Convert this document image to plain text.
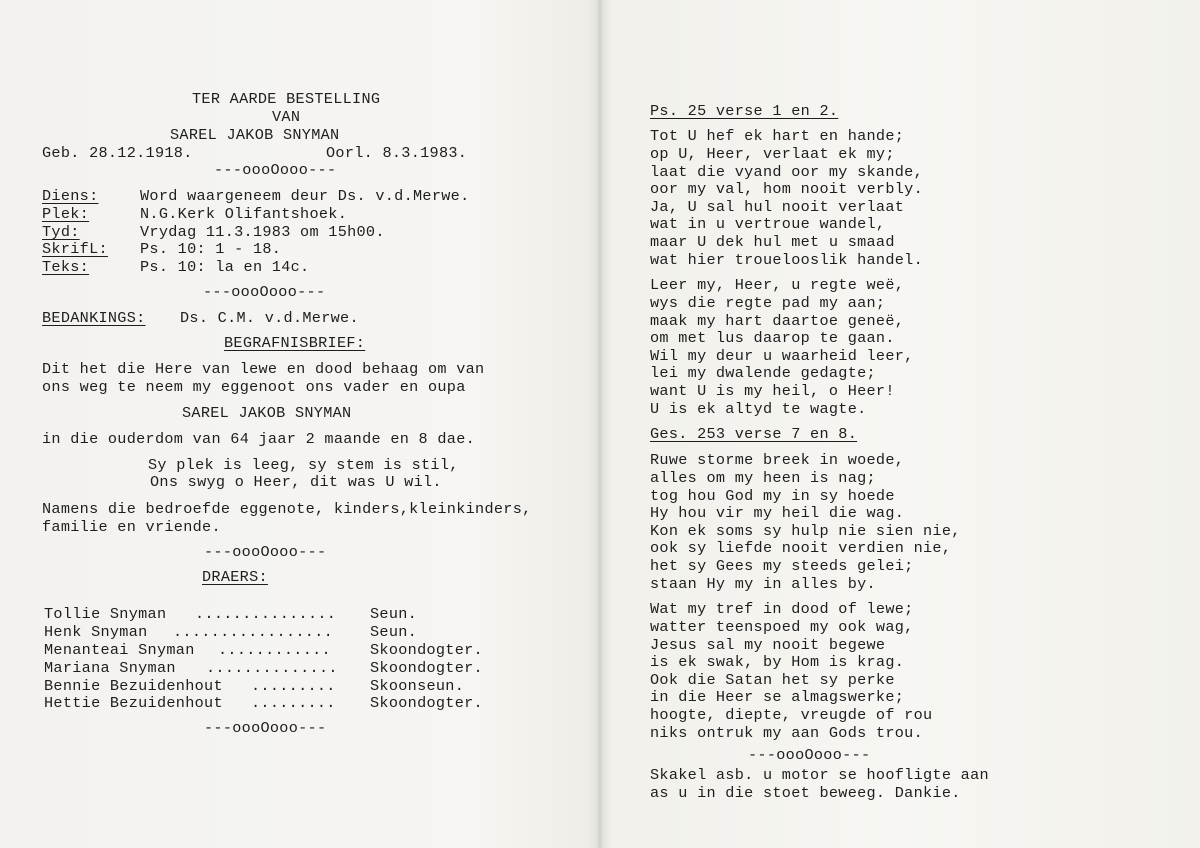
TER AARDE BESTELLING
VAN
SAREL JAKOB SNYMAN
Geb. 28.12.1918.	Oorl. 8.3.1983.
---oooOooo---
Diens:	Word waargeneem deur Ds. v.d.Merwe.
Plek:	N.G.Kerk Olifantshoek.
Tyd:	Vrydag 11.3.1983 om 15h00.
SkrifL: Ps. 10: 1 - 18.
Teks:	Ps. 10: la en 14c.
---oooOooo---
BEDANKINGS: Ds. C.M. v.d.Merwe.
BEGRAFNISBRIEF:
Dit het die Here van lewe en dood behaag om van
ons weg te neem my eggenoot ons vader en oupa
SAREL JAKOB SNYMAN
in die ouderdom van 64 jaar 2 maande en 8 dae.
Sy plek is leeg, sy stem is stil,
Ons swyg o Heer, dit was U wil.
Namens die bedroefde eggenote, kinders,kleinkinders,
familie en vriende.
---oooOooo---
DRAERS:
Tollie Snyman ............... Seun.
Henk Snyman ................. Seun.
Menanteai Snyman ............	Skoondogter.
Mariana Snyman .............. Skoondogter.
Bennie Bezuidenhout ......... Skoonseun.
Hettie Bezuidenhout ......... Skoondogter.
---oooOooo---
Ps. 25 verse 1 en 2.
Tot U hef ek hart en hande;
op U, Heer, verlaat ek my;
laat die vyand oor my skande,
oor my val, hom nooit verbly.
Ja, U sal hul nooit verlaat
wat in u vertroue wandel,
maar U dek hul met u smaad
wat hier trouelooslik handel.
Leer my, Heer, u regte weë,
wys die regte pad my aan;
maak my hart daartoe geneë,
om met lus daarop te gaan.
Wil my deur u waarheid leer,
lei my dwalende gedagte;
want U is my heil, o Heer!
U is ek altyd te wagte.
Ges. 253 verse 7 en 8.
Ruwe storme breek in woede,
alles om my heen is nag;
tog hou God my in sy hoede
Hy hou vir my heil die wag.
Kon ek soms sy hulp nie sien nie,
ook sy liefde nooit verdien nie,
het sy Gees my steeds gelei;
staan Hy my in alles by.
Wat my tref in dood of lewe;
watter teenspoed my ook wag,
Jesus sal my nooit begewe
is ek swak, by Hom is krag.
Ook die Satan het sy perke
in die Heer se almagswerke;
hoogte, diepte, vreugde of rou
niks ontruk my aan Gods trou.
---oooOooo---
Skakel asb. u motor se hoofligte aan
as u in die stoet beweeg. Dankie.
